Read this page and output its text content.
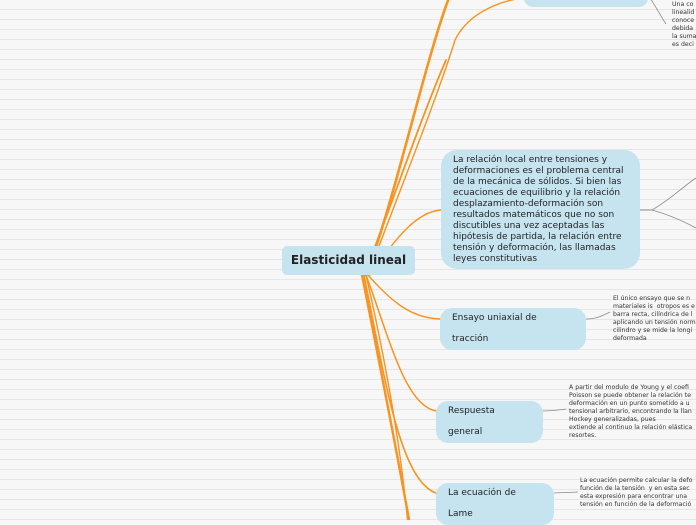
Una co
linealid
conoce
debida
la suma
es deci
Elasticidad lineal
La relación local entre tensiones y deformaciones es el problema central de la mecánica de sólidos. Si bien las ecuaciones de equilibrio y la relación desplazamiento-deformación son resultados matemáticos que no son discutibles una vez aceptadas las hipótesis de partida, la relación entre tensión y deformación, las llamadas leyes constitutivas
Ensayo uniaxial de tracción
El único ensayo que se n
materiales is  otropos es e
barra recta, cilíndrica de l
aplicando un tensión norm
cilindro y se mide la longi
deformada
Respuesta general
A partir del modulo de Young y el coefi
Poisson se puede obtener la relación te
deformación en un punto sometido a u
tensional arbitrario, encontrando la llan
Hockey generalizadas, pues
extiende al continuo la relación elástica
resortes.
La ecuación de Lame
La ecuación permite calcular la defo
función de la tensión  y en esta sec
esta expresión para encontrar una
tensión en función de la deformació
